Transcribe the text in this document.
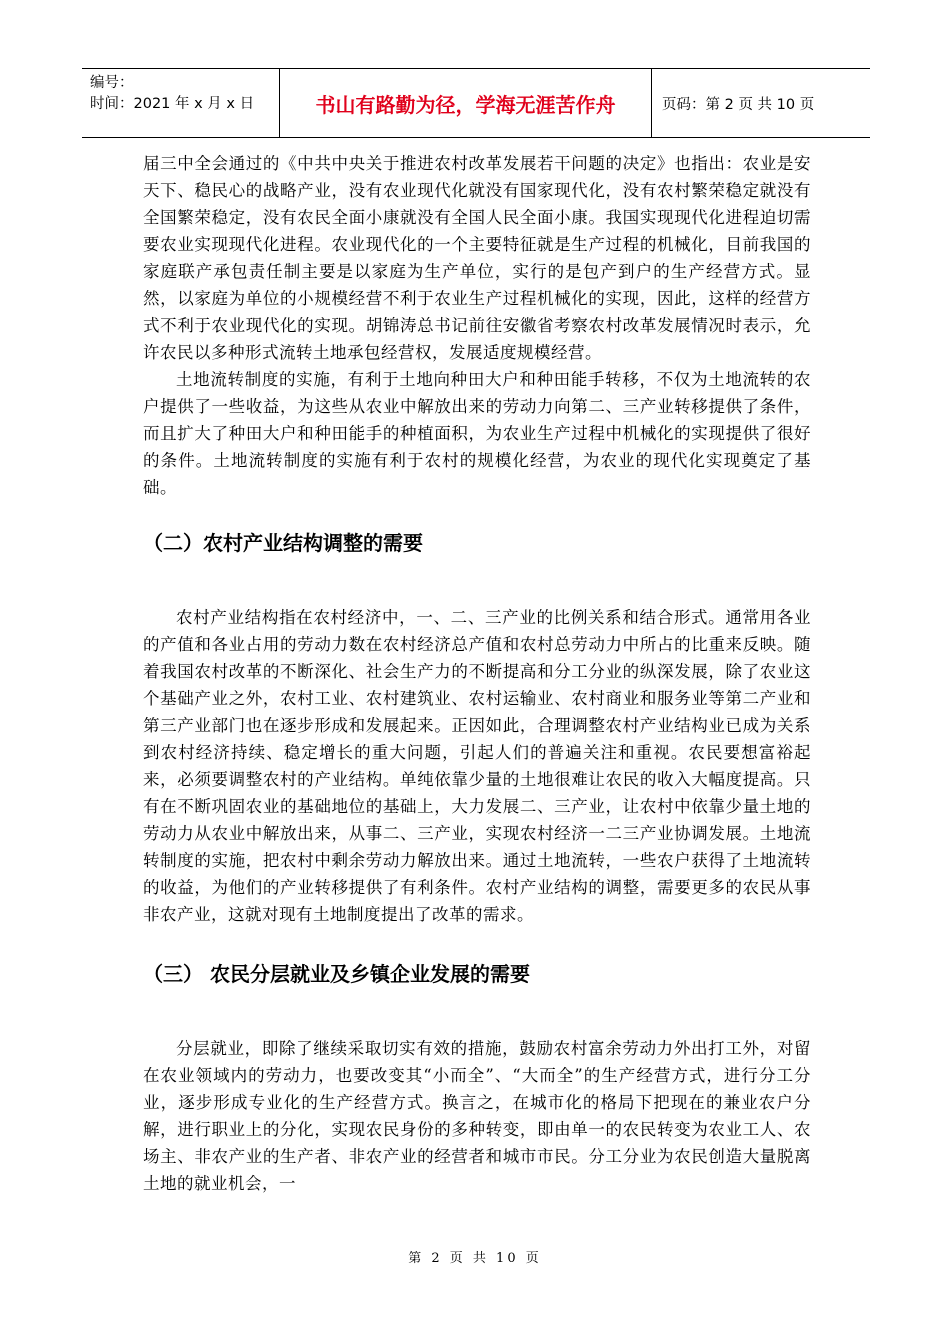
编号：
时间：2021 年 x 月 x 日	书山有路勤为径，学海无涯苦作舟	页码：第 2 页 共 10 页

届三中全会通过的《中共中央关于推进农村改革发展若干问题的决定》也指出：农业是安天下、稳民心的战略产业，没有农业现代化就没有国家现代化，没有农村繁荣稳定就没有全国繁荣稳定，没有农民全面小康就没有全国人民全面小康。我国实现现代化进程迫切需要农业实现现代化进程。农业现代化的一个主要特征就是生产过程的机械化，目前我国的家庭联产承包责任制主要是以家庭为生产单位，实行的是包产到户的生产经营方式。显然，以家庭为单位的小规模经营不利于农业生产过程机械化的实现，因此，这样的经营方式不利于农业现代化的实现。胡锦涛总书记前往安徽省考察农村改革发展情况时表示，允许农民以多种形式流转土地承包经营权，发展适度规模经营。

土地流转制度的实施，有利于土地向种田大户和种田能手转移，不仅为土地流转的农户提供了一些收益，为这些从农业中解放出来的劳动力向第二、三产业转移提供了条件，而且扩大了种田大户和种田能手的种植面积，为农业生产过程中机械化的实现提供了很好的条件。土地流转制度的实施有利于农村的规模化经营，为农业的现代化实现奠定了基础。

（二）农村产业结构调整的需要

农村产业结构指在农村经济中，一、二、三产业的比例关系和结合形式。通常用各业的产值和各业占用的劳动力数在农村经济总产值和农村总劳动力中所占的比重来反映。随着我国农村改革的不断深化、社会生产力的不断提高和分工分业的纵深发展，除了农业这个基础产业之外，农村工业、农村建筑业、农村运输业、农村商业和服务业等第二产业和第三产业部门也在逐步形成和发展起来。正因如此，合理调整农村产业结构业已成为关系到农村经济持续、稳定增长的重大问题，引起人们的普遍关注和重视。农民要想富裕起来，必须要调整农村的产业结构。单纯依靠少量的土地很难让农民的收入大幅度提高。只有在不断巩固农业的基础地位的基础上，大力发展二、三产业，让农村中依靠少量土地的劳动力从农业中解放出来，从事二、三产业，实现农村经济一二三产业协调发展。土地流转制度的实施，把农村中剩余劳动力解放出来。通过土地流转，一些农户获得了土地流转的收益，为他们的产业转移提供了有利条件。农村产业结构的调整，需要更多的农民从事非农产业，这就对现有土地制度提出了改革的需求。

（三） 农民分层就业及乡镇企业发展的需要

分层就业，即除了继续采取切实有效的措施，鼓励农村富余劳动力外出打工外，对留在农业领域内的劳动力，也要改变其“小而全”、“大而全”的生产经营方式，进行分工分业，逐步形成专业化的生产经营方式。换言之，在城市化的格局下把现在的兼业农户分解，进行职业上的分化，实现农民身份的多种转变，即由单一的农民转变为农业工人、农场主、非农产业的生产者、非农产业的经营者和城市市民。分工分业为农民创造大量脱离土地的就业机会，一

第 2 页 共 10 页
